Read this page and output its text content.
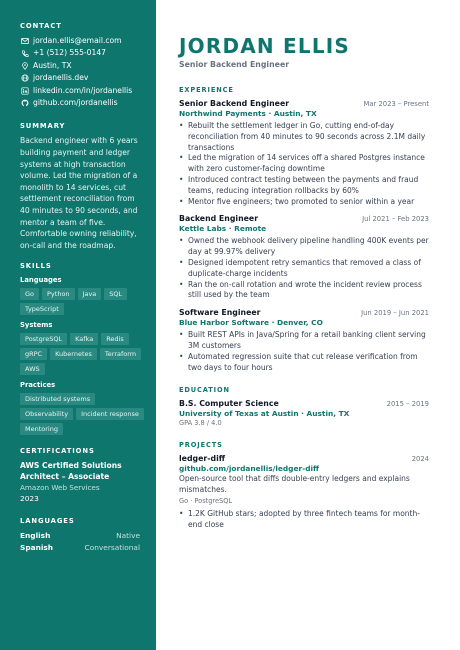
CONTACT
jordan.ellis@email.com
+1 (512) 555-0147
Austin, TX
jordanellis.dev
linkedin.com/in/jordanellis
github.com/jordanellis
SUMMARY

Backend engineer with 6 years building payment and ledger systems at high transaction volume. Led the migration of a monolith to 14 services, cut settlement reconciliation from 40 minutes to 90 seconds, and mentor a team of five. Comfortable owning reliability, on-call and the roadmap.

SKILLS
Languages
Go	Python	Java	SQL
TypeScript
Systems
PostgreSQL	Kafka	Redis
gRPC	Kubernetes	Terraform
AWS
Practices
Distributed systems
Observability	Incident response
Mentoring
CERTIFICATIONS
AWS Certified Solutions Architect – Associate
Amazon Web Services
2023
LANGUAGES
English	Native
Spanish	Conversational
JORDAN ELLIS
Senior Backend Engineer
EXPERIENCE
Senior Backend Engineer	Mar 2023 – Present
Northwind Payments · Austin, TX
• Rebuilt the settlement ledger in Go, cutting end-of-day reconciliation from 40 minutes to 90 seconds across 2.1M daily transactions
• Led the migration of 14 services off a shared Postgres instance with zero customer-facing downtime
• Introduced contract testing between the payments and fraud teams, reducing integration rollbacks by 60%
• Mentor five engineers; two promoted to senior within a year
Backend Engineer	Jul 2021 – Feb 2023
Kettle Labs · Remote
• Owned the webhook delivery pipeline handling 400K events per day at 99.97% delivery
• Designed idempotent retry semantics that removed a class of duplicate-charge incidents
• Ran the on-call rotation and wrote the incident review process still used by the team
Software Engineer	Jun 2019 – Jun 2021
Blue Harbor Software · Denver, CO
• Built REST APIs in Java/Spring for a retail banking client serving 3M customers
• Automated regression suite that cut release verification from two days to four hours
EDUCATION
B.S. Computer Science	2015 – 2019
University of Texas at Austin · Austin, TX
GPA 3.8 / 4.0
PROJECTS
ledger-diff	2024
github.com/jordanellis/ledger-diff
Open-source tool that diffs double-entry ledgers and explains mismatches.
Go · PostgreSQL
• 1.2K GitHub stars; adopted by three fintech teams for month-end close
